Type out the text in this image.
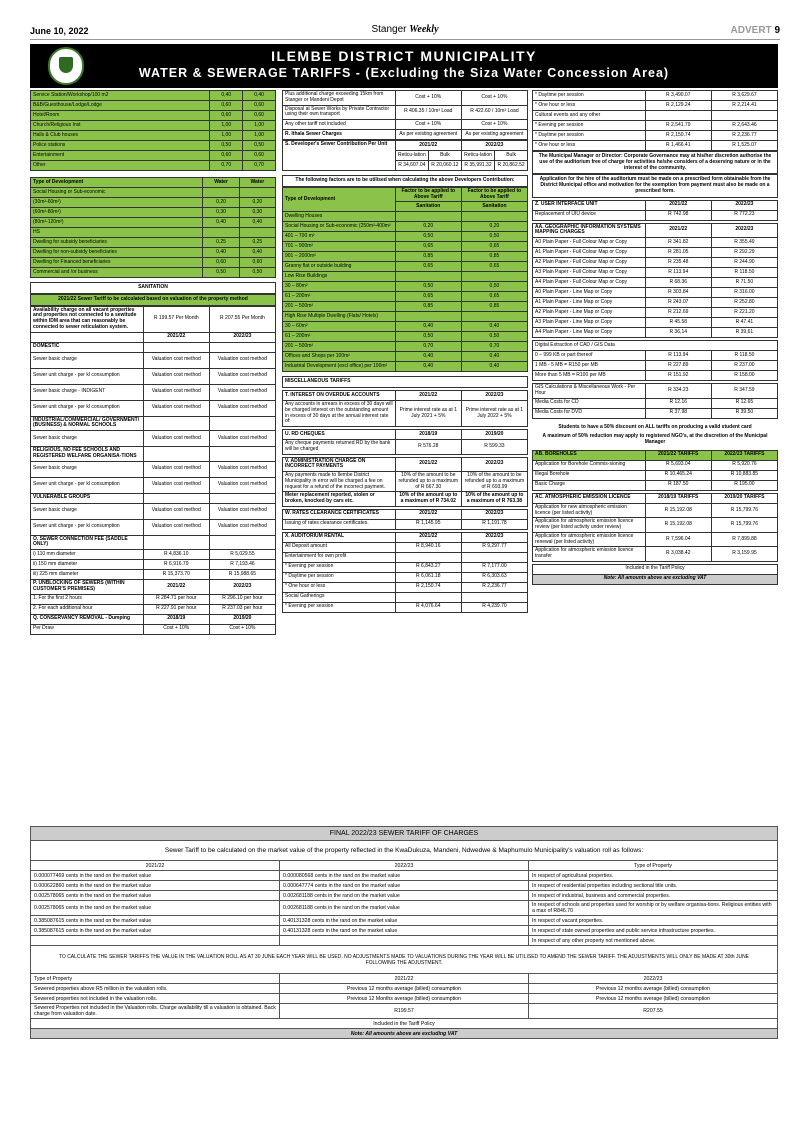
June 10, 2022	Stanger Weekly	ADVERT 9
ILEMBE DISTRICT MUNICIPALITY
WATER & SEWERAGE TARIFFS - (Excluding the Siza Water Concession Area)
Service Station/Workshop/100 m2	0,40	0,40
B&B/Guesthouse/Lodge/Lodge	0,60	0,60
Hotel/Room	0,60	0,60
Church/Religious Inst	1,00	1,00
Halls & Club houses	1,00	1,00
Police stations	0,50	0,50
Entertainment	0,60	0,60
Other	0,70	0,70
Type of Development	Water	Water
Social Housing or Sub-economic		
(30m²-60m²)	0,20	0,20
(60m²-80m²)	0,30	0,30
(80m²-120m²)	0,40	0,40
HS		
Dwelling for subsidy beneficiaries	0,25	0,25
Dwelling for non-subsidy beneficiaries	0,40	0,40
Dwelling for Financed beneficiaries	0,60	0,60
Commercial and /or business	0,50	0,50
SANITATION
2021/22 Sewer Tariff to be calculated based on valuation of the property method
Availability charge on all vacant properties and properties not connected to a sewitude within IDM area that can reasonably be connected to sewer reticulation system.	R 199.57 Per Month	R 207.55 Per Month
	2021/22	2022/23
DOMESTIC		
Sewer basic charge	Valuation cost method	Valuation cost method
Sewer unit charge - per kl consumption	Valuation cost method	Valuation cost method
Sewer basic charge - INDIGENT	Valuation cost method	Valuation cost method
Sewer unit charge - per kl consumption	Valuation cost method	Valuation cost method
INDUSTRIAL/COMMERCIAL/ GOVERNMENT/ (BUSINESS) & NORMAL SCHOOLS		
Sewer basic charge	Valuation cost method	Valuation cost method
RELIGIOUS, NO FEE SCHOOLS AND REGISTERED WELFARE ORGANISA-TIONS		
Sewer basic charge	Valuation cost method	Valuation cost method
Sewer unit charge - per kl consumption	Valuation cost method	Valuation cost method
VULNERABLE GROUPS		
Sewer basic charge	Valuation cost method	Valuation cost method
Sewer unit charge - per kl consumption	Valuation cost method	Valuation cost method
O. SEWER CONNECTION FEE (SADDLE ONLY)		
i) 110 mm diameter	R 4,836.10	R 5,029.55
ii) 150 mm diameter	R 6,916.79	R 7,193.46
iii) 225 mm diameter	R 15,373.70	R 15,988.65
P. UNBLOCKING OF SEWERS (WITHIN CUSTOMER'S PREMISES)	2021/22	2022/23
1. For the first 2 hours	R 284.71 per hour	R 296.10 per hour
2. For each additional hour	R 227.91 per hour	R 237.03 per hour
Q. CONSERVANCY REMOVAL - Dumping	2018/19	2019/20
Per Draw	Cost + 10%	Cost + 10%
Plus additional charge exceeding 15km from Stanger or Mandeni Depot	Cost + 10%	Cost + 10%
Disposal at Sewer Works by Private Contractor using their own transport	R 406.35 / 10m³ Load	R 422.60 / 10m³ Load
Any other tariff not included	Cost + 10%	Cost + 10%
R. Ithala Sewer Charges	As per existing agreement	As per existing agreement
S. Developer's Sewer Contribution Per Unit	2021/22		2022/23	
	Reticu-lation	Bulk	Reticu-lation	Bulk
	R 34,607.04	R 20,060.12	R 35,991.32	R 20,862.52
The following factors are to be utilised when calculating the above Developers Contribution:
Type of Development	Factor to be applied to Above Tariff	Factor to be applied to Above Tariff
	Sanitation	Sanitation
Dwelling Houses		
Social Housing or Sub-economic (250m²-400m²	0,20	0,20
401 – 700 m²	0,50	0,50
701 – 900m²	0,65	0,65
901 – 2000m²	0,85	0,85
Granny flat or outside building	0,65	0,65
Low Rise Buildings		
30 – 80m²	0,50	0,50
61 – 200m²	0,65	0,65
201 – 500m²	0,85	0,85
High Rise Multiple Dwelling (Flats/ Hotels)		
30 – 60m²	0,40	0,40
61 – 200m²	0,50	0,50
201 – 500m²	0,70	0,70
Offices and Shops per 100m²	0,40	0,40
Industrial Development (excl office) per 100m²	0,40	0,40
MISCELLANEOUS TARIFFS
T. INTEREST ON OVERDUE ACCOUNTS	2021/22	2022/23
Any accounts in arrears in excess of 30 days will be charged interest on the outstanding amount in excess of 30 days at the annual interest rate of:	Prime interest rate as at 1 July 2021 + 5%	Prime interest rate as at 1 July 2022 + 5%
U. RD CHEQUES	2018/19	2019/20
Any cheque payments returned RD by the bank will be charged	R 576.28	R 599.33
V. ADMINISTRATION CHARGE ON INCORRECT PAYMENTS	2021/22	2022/23
Any payments made to Ilembe District Municipality in error will be charged a fee on request for a refund of the incorrect payment.	10% of the amount to be refunded up to a maximum of R 667.30	10% of the amount to be refunded up to a maximum of R 693.99
Meter replacement reported, stolen or broken, knocked by cars etc.	10% of the amount up to a maximum of R 734.02	10% of the amount up to a maximum of R 763.38
W. RATES CLEARANCE CERTIFICATES	2021/22	2022/23
Issuing of rates clearance certificates.	R 1,145.95	R 1,191.78
X. AUDITORIUM RENTAL	2021/22	2022/23
All Deposit amount	R 8,940.16	R 9,297.77
Entertainment for own profit		
* Evening per session	R 6,843.27	R 7,177.00
* Daytime per session	R 6,061.18	R 6,303.63
* One hour or less	R 2,150.74	R 2,236.77
Social Gatherings		
* Evening per session	R 4,076.64	R 4,239.70
* Daytime per session	R 3,490.07	R 3,629.67
* One hour or less	R 2,129.24	R 2,214.41
Cultural events and any other		
* Evening per session	R 2,541.79	R 2,643.46
* Daytime per session	R 2,150.74	R 2,236.77
* One hour or less	R 1,466.41	R 1,525.07
The Municipal Manager or Director: Corporate Governance may at his/her discretion authorise the use of the auditorium free of charge for activities he/she considers of a deserving nature or in the interest of the community.
Application for the hire of the auditorium must be made on a prescribed form obtainable from the District Municipal office and motivation for the exemption from payment must also be made on a prescribed form.
Z. USER INTERFACE UNIT	2021/22	2022/23
Replacement of UIU device	R 742.98	R 772.23
AA. GEOGRAPHIC INFORMATION SYSTEMS MAPPING CHARGES	2021/22	2022/23
A0 Plain Paper - Full Colour Map or Copy	R 341.82	R 355.49
A1 Plain Paper - Full Colour Map or Copy	R 281.05	R 292.29
A2 Plain Paper - Full Colour Map or Copy	R 235.48	R 244.90
A3 Plain Paper - Full Colour Map or Copy	R 113.94	R 118.50
A4 Plain Paper - Full Colour Map or Copy	R 68.36	R 71.50
A0 Plain Paper - Line Map or Copy	R 303.84	R 316.00
A1 Plain Paper - Line Map or Copy	R 243.07	R 252.80
A2 Plain Paper - Line Map or Copy	R 212.69	R 221.20
A3 Plain Paper - Line Map or Copy	R 45.58	R 47.41
A4 Plain Paper - Line Map or Copy	R 36,14	R 39,61
Digital Extraction of CAD / GIS Data		
0 – 999 KB or part thereof	R 113.94	R 118.50
1 MB - 5 MB = R150 per MB	R 227.89	R 237.00
More than 5 MB = R100 per MB	R 151.92	R 158.00
GIS Calculations & Miscellaneous Work - Per Hour	R 334.23	R 347.59
Media Costs for CD	R 12.16	R 12.65
Media Costs for DVD	R 37.98	R 39.50
Students to have a 50% discount on ALL tariffs on producing a valid student card
A maximum of 50% reduction may apply to registered NGO's, at the discretion of the Municipal Manager
AB. BOREHOLES	2021/22 TARIFFS	2022/23 TARIFFS
Application for Borehole Commis-sioning	R 5,693.04	R 5,920.76
Illegal Borehole	R 10,465.24	R 10,883.85
Basic Charge	R 187.50	R 195.00
AC. ATMOSPHERIC EMISSION LICENCE	2018/19 TARIFFS	2019/20 TARIFFS
Application for new atmospheric emission licence (per listed activity)	R 15,192.08	R 15,799.76
Application for atmospheric emission licence review (per listed activity under review)	R 15,192.08	R 15,799.76
Application for atmospheric emission licence renewal (per listed activity)	R 7,596.04	R 7,899.88
Application for atmospheric emission licence transfer	R 3,038.42	R 3,159.95
Included in the Tariff Policy
Note: All amounts above are excluding VAT
FINAL 2022/23 SEWER TARIFF OF CHARGES		
Sewer Tariff to be calculated on the market value of the property reflected in the KwaDukuza, Mandeni, Ndwedwe & Maphumulo Municipality's valuation roll as follows:		
2021/22	2022/23	Type of Property
0.000077469 cents in the rand on the market value	0.000080568 cents in the rand on the market value	In respect of agricultural properties.
0.000622860 cents in the rand on the market value	0.000647774 cents in the rand on the market value	In respect of residential properties including sectional title units.
0.002578065 cents in the rand on the market value	0.002681188 cents in the rand on the market value	In respect of industrial, business and commercial properties.
0.002578065 cents in the rand on the market value	0.002681188 cents in the rand on the market value	In respect of schools and properties used for worship or by welfare organisa-tions. Religious entities with a max of R846.70
0.385087615 cents in the rand on the market value	0.40131328 cents in the rand on the market value	In respect of vacant properties.
0.385087615 cents in the rand on the market value	0.40131328 cents in the rand on the market value	In respect of state owned properties and public service infrastructure properties.
		In respect of any other property not mentioned above.
TO CALCULATE THE SEWER TARIFFS THE VALUE IN THE VALUATION ROLL AS AT 30 JUNE EACH YEAR WILL BE USED. NO ADJUSTMENTS MADE TO VALUATIONS DURING THE YEAR WILL BE UTILISED TO AMEND THE SEWER TARIFF. THE ADJUSTMENTS WILL ONLY BE MADE AT 30th JUNE FOLLOWING THE ADJUSTMENT.		
Type of Property	2021/22	2022/23
Sewered properties above R5 million in the valuation rolls.	Previous 12 months average (billed) consumption	Previous 12 months average (billed) consumption
Sewered properties not included in the valuation rolls.	Previous 12 Months average (billed) consumption	Previous 12 months average (billed) consumption
Sewered Properties not included in the Valuation rolls. Charge availability till a valuation is obtained. Back charge from valuation date.	R199.57	R207.55
Included in the Tariff Policy		
Note: All amounts above are excluding VAT		
